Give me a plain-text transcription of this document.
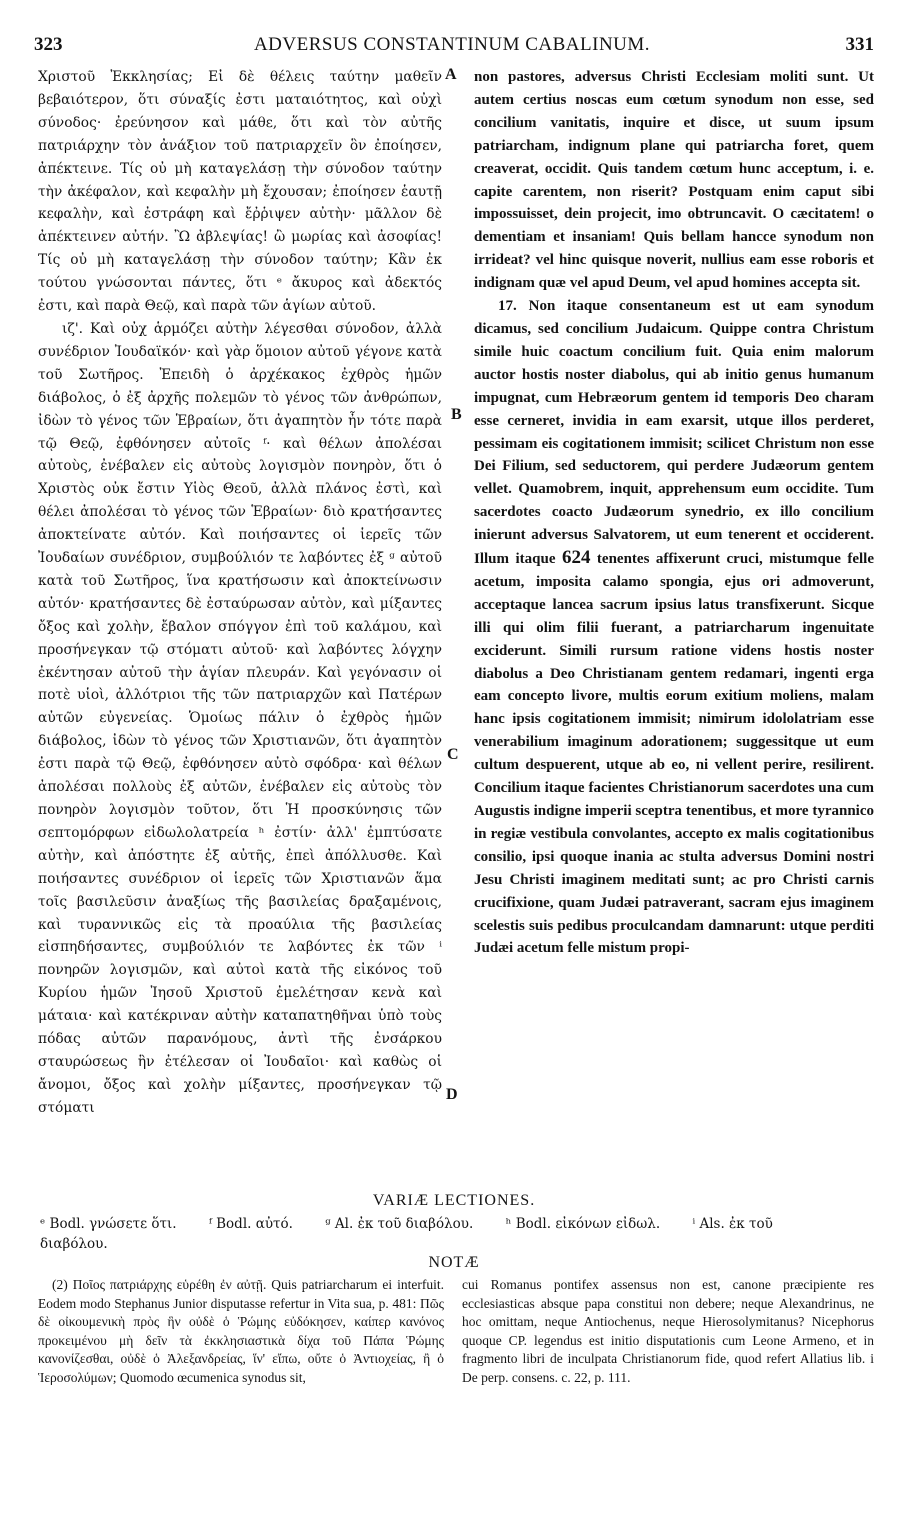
323	ADVERSUS CONSTANTINUM CABALINUM.	331

Χριστοῦ Ἐκκλησίας; Εἰ δὲ θέλεις ταύτην μαθεῖν βεβαιότερον, ὅτι σύναξίς ἐστι ματαιότητος, καὶ οὐχὶ σύνοδος· ἐρεύνησον καὶ μάθε, ὅτι καὶ τὸν αὐτῆς πατριάρχην τὸν ἀνάξιον τοῦ πατριαρχεῖν ὃν ἐποίησεν, ἀπέκτεινε. Τίς οὐ μὴ καταγελάσῃ τὴν σύνοδον ταύτην τὴν ἀκέφαλον, καὶ κεφαλὴν μὴ ἔχουσαν; ἐποίησεν ἑαυτῇ κεφαλὴν, καὶ ἐστράφη καὶ ἔῤῥιψεν αὐτὴν· μᾶλλον δὲ ἀπέκτεινεν αὐτήν. Ὢ ἀβλεψίας! ὢ μωρίας καὶ ἀσοφίας! Τίς οὐ μὴ καταγελάσῃ τὴν σύνοδον ταύτην; Κἂν ἐκ τούτου γνώσονται πάντες, ὅτι ᵉ ἄκυρος καὶ ἀδεκτός ἐστι, καὶ παρὰ Θεῷ, καὶ παρὰ τῶν ἁγίων αὐτοῦ.

ιζ'. Καὶ οὐχ ἁρμόζει αὐτὴν λέγεσθαι σύνοδον, ἀλλὰ συνέδριον Ἰουδαϊκόν· καὶ γὰρ ὅμοιον αὐτοῦ γέγονε κατὰ τοῦ Σωτῆρος. Ἐπειδὴ ὁ ἀρχέκακος ἐχθρὸς ἡμῶν διάβολος, ὁ ἐξ ἀρχῆς πολεμῶν τὸ γένος τῶν ἀνθρώπων, ἰδὼν τὸ γένος τῶν Ἑβραίων, ὅτι ἀγαπητὸν ἦν τότε παρὰ τῷ Θεῷ, ἐφθόνησεν αὐτοῖς ᶠ· καὶ θέλων ἀπολέσαι αὐτοὺς, ἐνέβαλεν εἰς αὐτοὺς λογισμὸν πονηρὸν, ὅτι ὁ Χριστὸς οὐκ ἔστιν Υἱὸς Θεοῦ, ἀλλὰ πλάνος ἐστὶ, καὶ θέλει ἀπολέσαι τὸ γένος τῶν Ἑβραίων· διὸ κρατήσαντες ἀποκτείνατε αὐτόν. Καὶ ποιήσαντες οἱ ἱερεῖς τῶν Ἰουδαίων συνέδριον, συμβούλιόν τε λαβόντες ἐξ ᵍ αὐτοῦ κατὰ τοῦ Σωτῆρος, ἵνα κρατήσωσιν καὶ ἀποκτείνωσιν αὐτόν· κρατήσαντες δὲ ἐσταύρωσαν αὐτὸν, καὶ μίξαντες ὄξος καὶ χολὴν, ἔβαλον σπόγγον ἐπὶ τοῦ καλάμου, καὶ προσήνεγκαν τῷ στόματι αὐτοῦ· καὶ λαβόντες λόγχην ἐκέντησαν αὐτοῦ τὴν ἁγίαν πλευράν. Καὶ γεγόνασιν οἱ ποτὲ υἱοὶ, ἀλλότριοι τῆς τῶν πατριαρχῶν καὶ Πατέρων αὐτῶν εὐγενείας. Ὁμοίως πάλιν ὁ ἐχθρὸς ἡμῶν διάβολος, ἰδὼν τὸ γένος τῶν Χριστιανῶν, ὅτι ἀγαπητὸν ἐστι παρὰ τῷ Θεῷ, ἐφθόνησεν αὐτὸ σφόδρα· καὶ θέλων ἀπολέσαι πολλοὺς ἐξ αὐτῶν, ἐνέβαλεν εἰς αὐτοὺς τὸν πονηρὸν λογισμὸν τοῦτον, ὅτι Ἡ προσκύνησις τῶν σεπτομόρφων εἰδωλολατρεία ʰ ἐστίν· ἀλλ' ἐμπτύσατε αὐτὴν, καὶ ἀπόστητε ἐξ αὐτῆς, ἐπεὶ ἀπόλλυσθε. Καὶ ποιήσαντες συνέδριον οἱ ἱερεῖς τῶν Χριστιανῶν ἅμα τοῖς βασιλεῦσιν ἀναξίως τῆς βασιλείας δραξαμένοις, καὶ τυραννικῶς εἰς τὰ προαύλια τῆς βασιλείας εἰσπηδήσαντες, συμβούλιόν τε λαβόντες ἐκ τῶν ⁱ πονηρῶν λογισμῶν, καὶ αὐτοὶ κατὰ τῆς εἰκόνος τοῦ Κυρίου ἡμῶν Ἰησοῦ Χριστοῦ ἐμελέτησαν κενὰ καὶ μάταια· καὶ κατέκριναν αὐτὴν καταπατηθῆναι ὑπὸ τοὺς πόδας αὐτῶν παρανόμους, ἀντὶ τῆς ἐνσάρκου σταυρώσεως ἣν ἐτέλεσαν οἱ Ἰουδαῖοι· καὶ καθὼς οἱ ἄνομοι, ὄξος καὶ χολὴν μίξαντες, προσήνεγκαν τῷ στόματι

A
B
C
D

non pastores, adversus Christi Ecclesiam moliti sunt. Ut autem certius noscas eum cœtum synodum non esse, sed concilium vanitatis, inquire et disce, ut suum ipsum patriarcham, indignum plane qui patriarcha foret, quem creaverat, occidit. Quis tandem cœtum hunc acceptum, i. e. capite carentem, non riserit? Postquam enim caput sibi impossuisset, dein projecit, imo obtruncavit. O cæcitatem! o dementiam et insaniam! Quis bellam hancce synodum non irrideat? vel hinc quisque noverit, nullius eam esse roboris et indignam quæ vel apud Deum, vel apud homines accepta sit.

17. Non itaque consentaneum est ut eam synodum dicamus, sed concilium Judaicum. Quippe contra Christum simile huic coactum concilium fuit. Quia enim malorum auctor hostis noster diabolus, qui ab initio genus humanum impugnat, cum Hebræorum gentem id temporis Deo charam esse cerneret, invidia in eam exarsit, utque illos perderet, pessimam eis cogitationem immisit; scilicet Christum non esse Dei Filium, sed seductorem, qui perdere Judæorum gentem vellet. Quamobrem, inquit, apprehensum eum occidite. Tum sacerdotes coacto Judæorum synedrio, ex illo concilium inierunt adversus Salvatorem, ut eum tenerent et occiderent. Illum itaque 624 tenentes affixerunt cruci, mistumque felle acetum, imposita calamo spongia, ejus ori admoverunt, acceptaque lancea sacrum ipsius latus transfixerunt. Sicque illi qui olim filii fuerant, a patriarcharum ingenuitate exciderunt. Simili rursum ratione videns hostis noster diabolus a Deo Christianam gentem redamari, ingenti erga eam concepto livore, multis eorum exitium moliens, malam hanc ipsis cogitationem immisit; nimirum idololatriam esse venerabilium imaginum adorationem; suggessitque ut eum cultum despuerent, utque ab eo, ni vellent perire, resilirent. Concilium itaque facientes Christianorum sacerdotes una cum Augustis indigne imperii sceptra tenentibus, et more tyrannico in regiæ vestibula convolantes, accepto ex malis cogitationibus consilio, ipsi quoque inania ac stulta adversus Domini nostri Jesu Christi imaginem meditati sunt; ac pro Christi carnis crucifixione, quam Judæi patraverant, sacram ejus imaginem scelestis suis pedibus proculcandam damnarunt: utque perditi Judæi acetum felle mistum propi-

VARIÆ LECTIONES.
ᵉ Bodl. γνώσετε ὅτι. ᶠ Bodl. αὐτό. ᵍ Al. ἐκ τοῦ διαβόλου. ʰ Bodl. εἰκόνων εἰδωλ. ⁱ Als. ἐκ τοῦ διαβόλου.
NOTÆ

(2) Ποῖος πατριάρχης εὑρέθη ἐν αὐτῇ. Quis patriarcharum ei interfuit. Eodem modo Stephanus Junior disputasse refertur in Vita sua, p. 481: Πῶς δὲ οἰκουμενικὴ πρὸς ἣν οὐδὲ ὁ Ῥώμης εὐδόκησεν, καίπερ κανόνος προκειμένου μὴ δεῖν τὰ ἐκκλησιαστικὰ δίχα τοῦ Πάπα Ῥώμης κανονίζεσθαι, οὐδὲ ὁ Ἀλεξανδρείας, ἵν' εἴπω, οὔτε ὁ Ἀντιοχείας, ἢ ὁ Ἱεροσολύμων; Quomodo œcumenica synodus sit,

cui Romanus pontifex assensus non est, canone præcipiente res ecclesiasticas absque papa constitui non debere; neque Alexandrinus, ne hoc omittam, neque Antiochenus, neque Hierosolymitanus? Nicephorus quoque CP. legendus est initio disputationis cum Leone Armeno, et in fragmento libri de inculpata Christianorum fide, quod refert Allatius lib. i De perp. consens. c. 22, p. 111.
